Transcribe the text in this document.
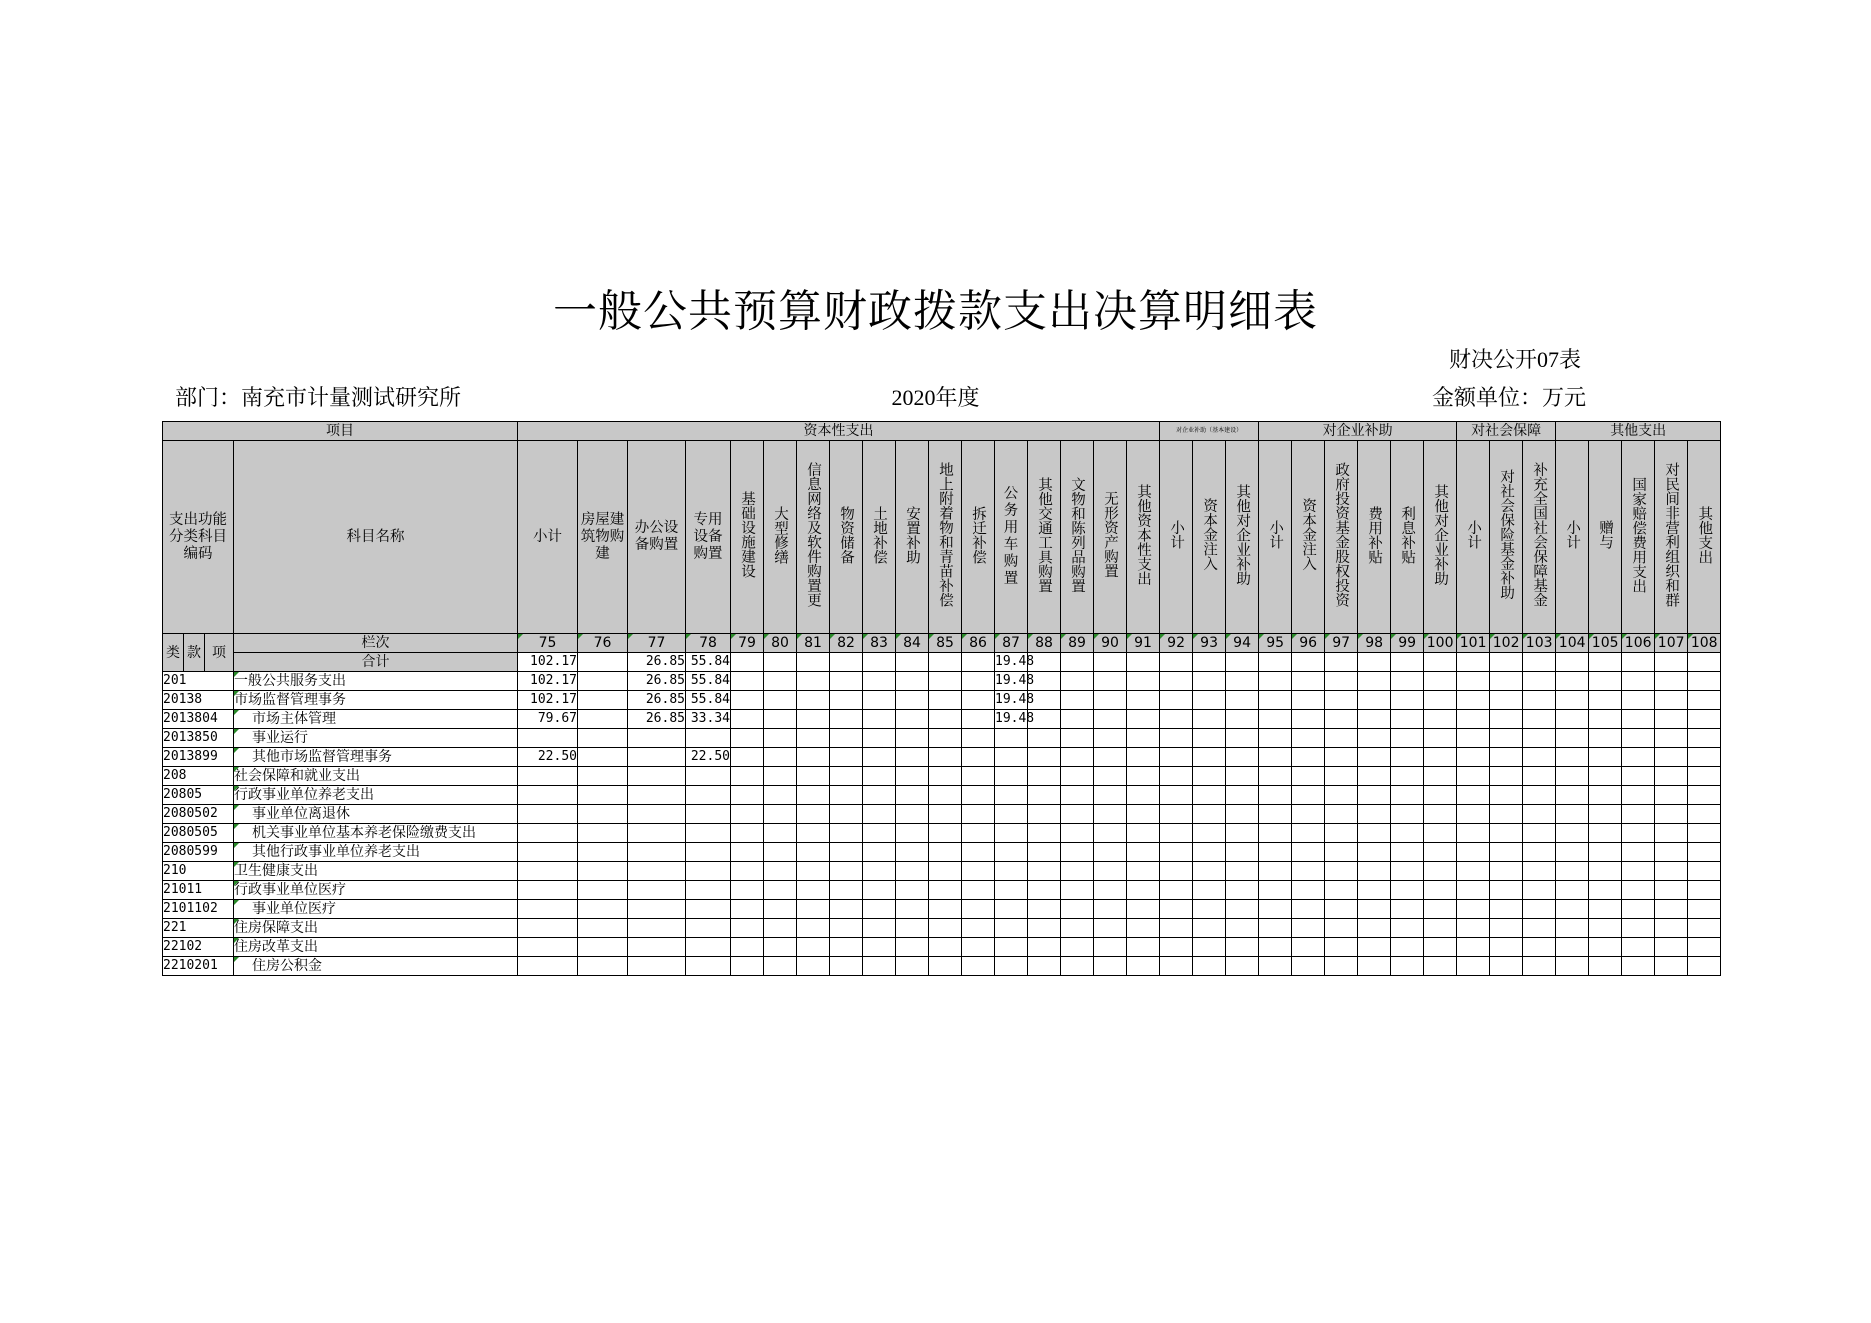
一般公共预算财政拨款支出决算明细表
财决公开07表
部门：南充市计量测试研究所	2020年度	金额单位：万元
项目				资本性支出																	对企业补助（基本建设）			对企业补助						对社会保障			其他支出				
支出功能分类科目编码			科目名称	小计	房屋建筑物购建	办公设备购置	专用设备购置	基础设施建设	大型修缮	信息网络及软件购置更	物资储备	土地补偿	安置补助	地上附着物和青苗补偿	拆迁补偿	公务用车购置	其他交通工具购置	文物和陈列品购置	无形资产购置	其他资本性支出	小计	资本金注入	其他对企业补助	小计	资本金注入	政府投资基金股权投资	费用补贴	利息补贴	其他对企业补助	小计	对社会保险基金补助	补充全国社会保障基金	小计	赠与	国家赔偿费用支出	对民间非营利组织和群	其他支出
类	款	项	栏次	75	76	77	78	79	80	81	82	83	84	85	86	87	88	89	90	91	92	93	94	95	96	97	98	99	100	101	102	103	104	105	106	107	108

			合计	102.17		26.85	55.84									19.48																					
201			一般公共服务支出	102.17		26.85	55.84									19.48																					
20138			市场监督管理事务	102.17		26.85	55.84									19.48																					
2013804			市场主体管理	79.67		26.85	33.34									19.48																					
2013850			事业运行

2013899			其他市场监督管理事务	22.50			22.50																														
208			社会保障和就业支出

20805			行政事业单位养老支出

2080502			事业单位离退休

2080505			机关事业单位基本养老保险缴费支出

2080599			其他行政事业单位养老支出

210			卫生健康支出

21011			行政事业单位医疗

2101102			事业单位医疗

221			住房保障支出

22102			住房改革支出

2210201			住房公积金
